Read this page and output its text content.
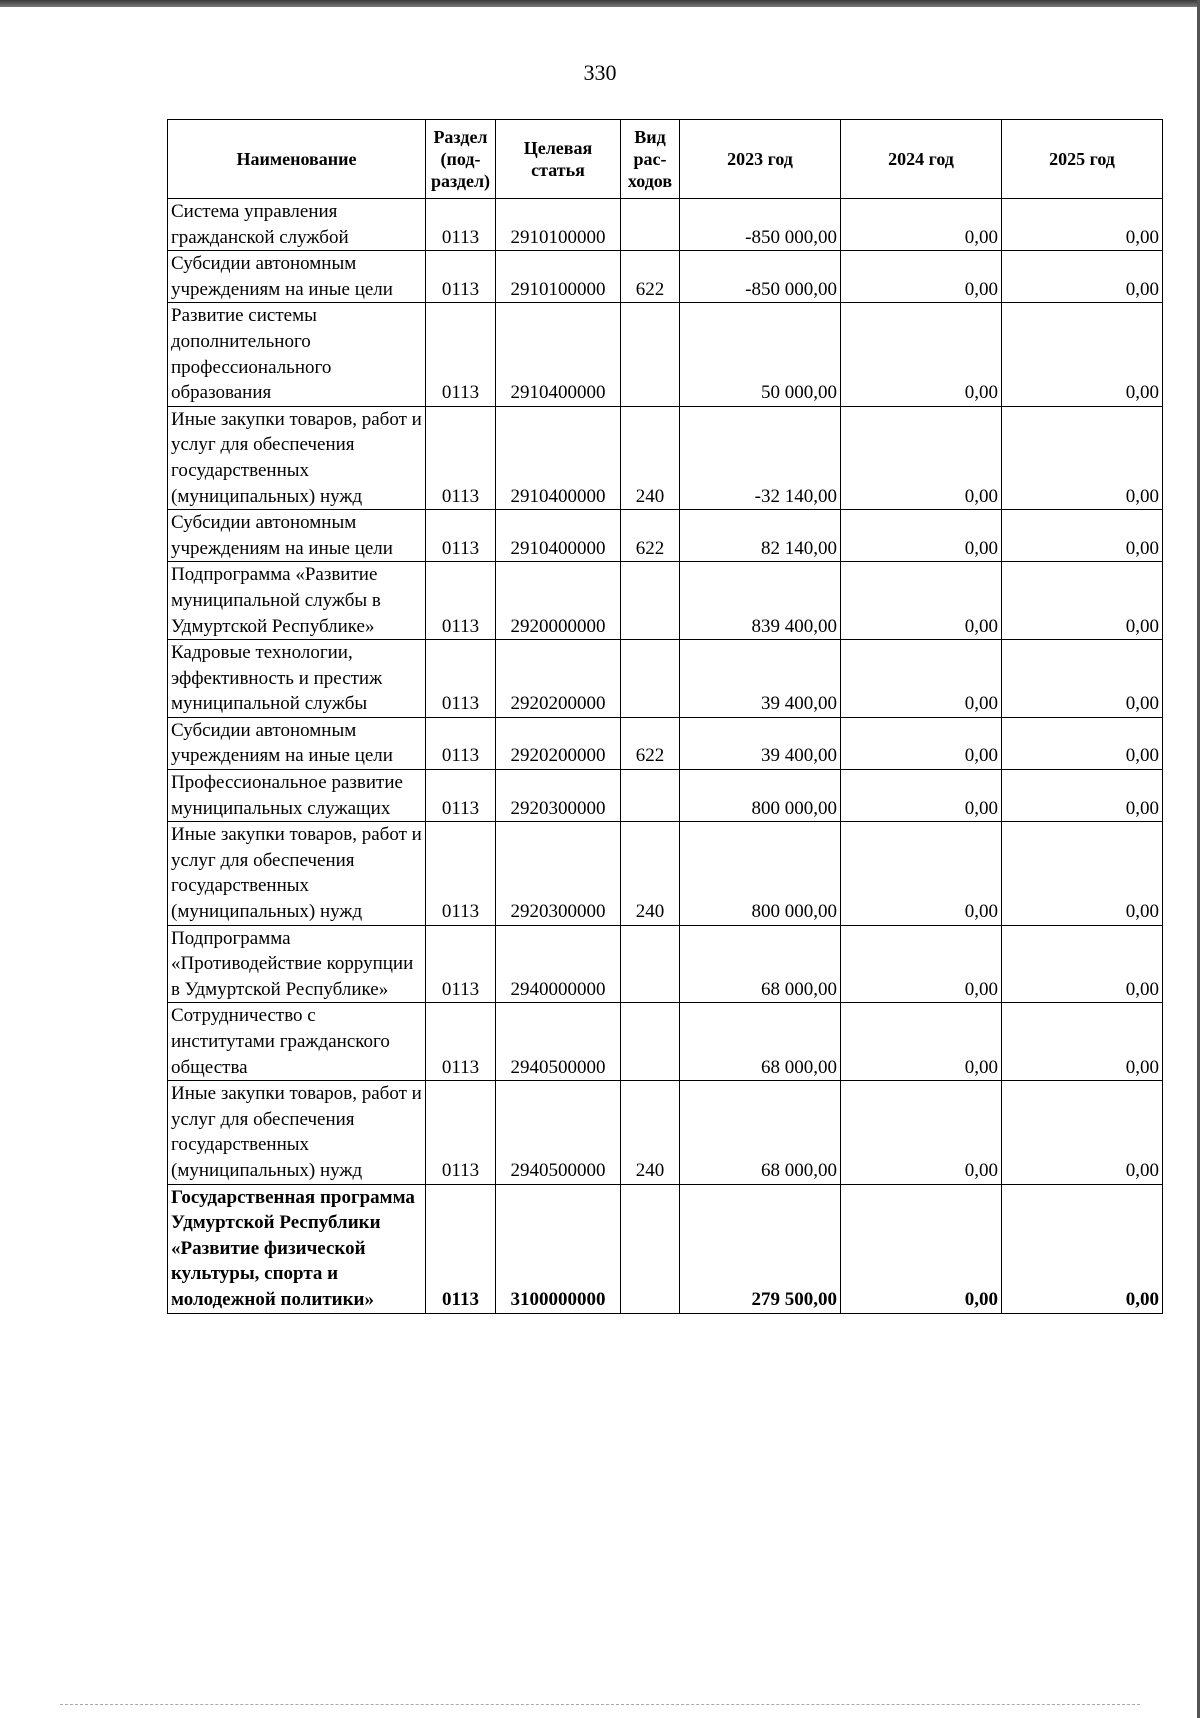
330
Наименование	Раздел (под-раздел)	Целевая статья	Вид рас-ходов	2023 год	2024 год	2025 год
Система управления гражданской службой	0113	2910100000		-850 000,00	0,00	0,00
Субсидии автономным учреждениям на иные цели	0113	2910100000	622	-850 000,00	0,00	0,00
Развитие системы дополнительного профессионального образования	0113	2910400000		50 000,00	0,00	0,00
Иные закупки товаров, работ и услуг для обеспечения государственных (муниципальных) нужд	0113	2910400000	240	-32 140,00	0,00	0,00
Субсидии автономным учреждениям на иные цели	0113	2910400000	622	82 140,00	0,00	0,00
Подпрограмма «Развитие муниципальной службы в Удмуртской Республике»	0113	2920000000		839 400,00	0,00	0,00
Кадровые технологии, эффективность и престиж муниципальной службы	0113	2920200000		39 400,00	0,00	0,00
Субсидии автономным учреждениям на иные цели	0113	2920200000	622	39 400,00	0,00	0,00
Профессиональное развитие муниципальных служащих	0113	2920300000		800 000,00	0,00	0,00
Иные закупки товаров, работ и услуг для обеспечения государственных (муниципальных) нужд	0113	2920300000	240	800 000,00	0,00	0,00
Подпрограмма «Противодействие коррупции в Удмуртской Республике»	0113	2940000000		68 000,00	0,00	0,00
Сотрудничество с институтами гражданского общества	0113	2940500000		68 000,00	0,00	0,00
Иные закупки товаров, работ и услуг для обеспечения государственных (муниципальных) нужд	0113	2940500000	240	68 000,00	0,00	0,00
Государственная программа Удмуртской Республики «Развитие физической культуры, спорта и молодежной политики»	0113	3100000000		279 500,00	0,00	0,00
